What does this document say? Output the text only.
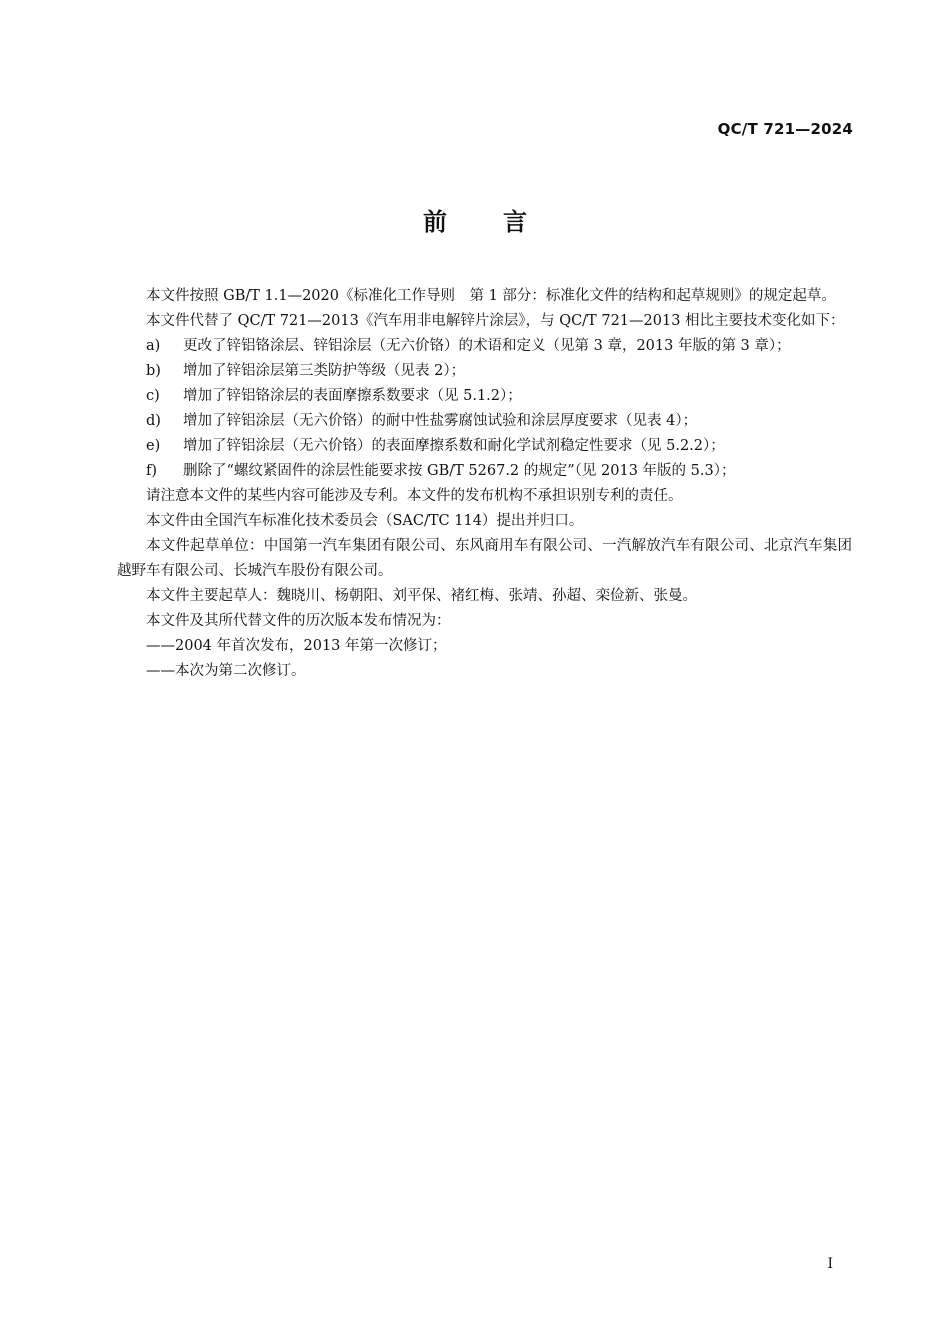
QC/T 721—2024
前言

本文件按照 GB/T 1.1—2020《标准化工作导则　第 1 部分：标准化文件的结构和起草规则》的规定起草。

本文件代替了 QC/T 721—2013《汽车用非电解锌片涂层》，与 QC/T 721—2013 相比主要技术变化如下：

a)	更改了锌铝铬涂层、锌铝涂层（无六价铬）的术语和定义（见第 3 章，2013 年版的第 3 章）；
b)	增加了锌铝涂层第三类防护等级（见表 2）；
c)	增加了锌铝铬涂层的表面摩擦系数要求（见 5.1.2）；
d)	增加了锌铝涂层（无六价铬）的耐中性盐雾腐蚀试验和涂层厚度要求（见表 4）；
e)	增加了锌铝涂层（无六价铬）的表面摩擦系数和耐化学试剂稳定性要求（见 5.2.2）；
f)	删除了“螺纹紧固件的涂层性能要求按 GB/T 5267.2 的规定”（见 2013 年版的 5.3）；

请注意本文件的某些内容可能涉及专利。本文件的发布机构不承担识别专利的责任。

本文件由全国汽车标准化技术委员会（SAC/TC 114）提出并归口。

本文件起草单位：中国第一汽车集团有限公司、东风商用车有限公司、一汽解放汽车有限公司、北京汽车集团越野车有限公司、长城汽车股份有限公司。

本文件主要起草人：魏晓川、杨朝阳、刘平保、褚红梅、张靖、孙超、栾俭新、张曼。

本文件及其所代替文件的历次版本发布情况为：

——2004 年首次发布，2013 年第一次修订；

——本次为第二次修订。

I
